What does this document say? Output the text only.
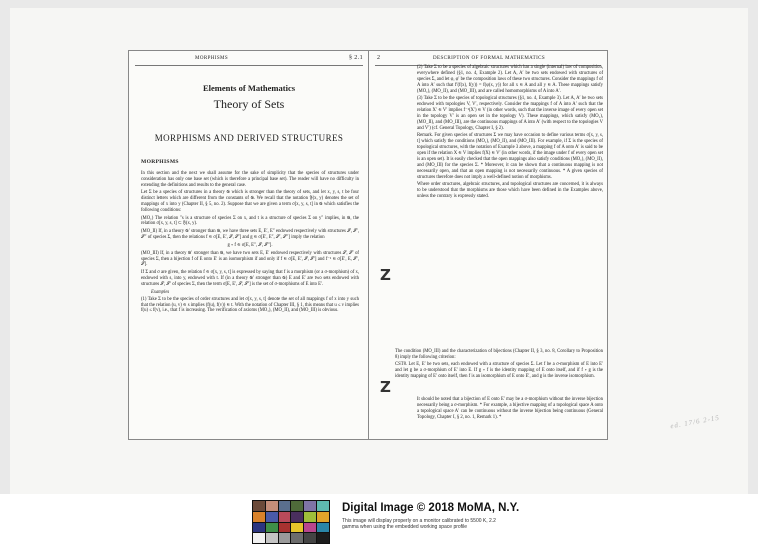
MORPHISMS	§ 2.1
Elements of Mathematics
Theory of Sets
MORPHISMS AND DERIVED STRUCTURES
MORPHISMS

In this section and the next we shall assume for the sake of simplicity that the species of structures under consideration has only one base set (which is therefore a principal base set). The reader will have no difficulty in extending the definitions and results to the general case.

Let Σ be a species of structures in a theory 𝔊 which is stronger than the theory of sets, and let x, y, s, t be four distinct letters which are different from the constants of 𝔊. We recall that the notation 𝔉(x, y) denotes the set of mappings of x into y (Chapter II, § 5, no. 2). Suppose that we are given a term σ[x, y, s, t] in 𝔊 which satisfies the following conditions:

(MO₁) The relation "s is a structure of species Σ on x, and t is a structure of species Σ on y" implies, in 𝔊, the relation σ[x, y, s, t] ⊂ 𝔉(x, y).

(MO_II) If, in a theory 𝔊′ stronger than 𝔊, we have three sets E, E′, E″ endowed respectively with structures 𝒮, 𝒮′, 𝒮″ of species Σ, then the relations f ∈ σ[E, E′, 𝒮, 𝒮′] and g ∈ σ[E′, E″, 𝒮′, 𝒮″] imply the relation

g ∘ f ∈ σ[E, E″, 𝒮, 𝒮″].

(MO_III) If, in a theory 𝔊′ stronger than 𝔊, we have two sets E, E′ endowed respectively with structures 𝒮, 𝒮′ of species Σ, then a bijection f of E onto E′ is an isomorphism if and only if f ∈ σ[E, E′, 𝒮, 𝒮′] and f⁻¹ ∈ σ[E′, E, 𝒮′, 𝒮].

If Σ and σ are given, the relation f ∈ σ[x, y, s, t] is expressed by saying that f is a morphism (or a σ-morphism) of x, endowed with s, into y, endowed with t. If (in a theory 𝔊′ stronger than 𝔊) E and E′ are two sets endowed with structures 𝒮, 𝒮′ of species Σ, then the term σ[E, E′, 𝒮, 𝒮′] is the set of σ-morphisms of E into E′.

Examples

(1) Take Σ to be the species of order structures and let σ[x, y, s, t] denote the set of all mappings f of x into y such that the relation (u, v) ∈ s implies (f(u), f(v)) ∈ t. With the notation of Chapter III, § 1, this means that u ≤ v implies f(u) ≤ f(v), i.e., that f is increasing. The verification of axioms (MO₁), (MO_II), and (MO_III) is obvious.

2	DESCRIPTION OF FORMAL MATHEMATICS

(2) Take Σ to be a species of algebraic structures which has a single (internal) law of composition, everywhere defined (§1, no. 4, Example 2). Let A, A′ be two sets endowed with structures of species Σ, and let φ, φ′ be the composition laws of these two structures. Consider the mappings f of A into A′ such that f′(f(x), f(y)) = f(φ(x, y)) for all x ∈ A and all y ∈ A. These mappings satisfy (MO₁), (MO_II), and (MO_III), and are called homomorphisms of A into A′.

(3) Take Σ to be the species of topological structures (§1, no. 4, Example 3). Let A, A′ be two sets endowed with topologies V, V′, respectively. Consider the mappings f of A into A′ such that the relation X′ ∈ V′ implies f⁻¹(X′) ∈ V (in other words, such that the inverse image of every open set in the topology V′ is an open set in the topology V). These mappings, which satisfy (MO₁), (MO_II), and (MO_III), are the continuous mappings of A into A′ (with respect to the topologies V and V′) (cf. General Topology, Chapter I, § 2).

Remark. For given species of structures Σ we may have occasion to define various terms σ[x, y, s, t] which satisfy the conditions (MO₁), (MO_II), and (MO_III). For example, if Σ is the species of topological structures, with the notation of Example 3 above, a mapping f of A onto A′ is said to be open if the relation X ∈ V implies f(X) ∈ V′ (in other words, if the image under f of every open set is an open set). It is easily checked that the open mappings also satisfy conditions (MO₁), (MO_II), and (MO_III) for the species Σ. * Moreover, it can be shown that a continuous mapping is not necessarily open, and that an open mapping is not necessarily continuous. * A given species of structures therefore does not imply a well-defined notion of morphisms.

Where order structures, algebraic structures, and topological structures are concerned, it is always to be understood that the morphisms are those which have been defined in the Examples above, unless the contrary is expressly stated.

The condition (MO_III) and the characterization of bijections (Chapter II, § 3, no. 8, Corollary to Proposition 8) imply the following criterion:

CST8. Let E, E′ be two sets, each endowed with a structure of species Σ. Let f be a σ-morphism of E into E′ and let g be a σ-morphism of E′ into E. If g ∘ f is the identity mapping of E onto itself, and if f ∘ g is the identity mapping of E′ onto itself, then f is an isomorphism of E onto E′, and g is the inverse isomorphism.

It should be noted that a bijection of E onto E′ may be a σ-morphism without the inverse bijection necessarily being a σ-morphism. * For example, a bijective mapping of a topological space A onto a topological space A′ can be continuous without the inverse bijection being continuous (General Topology, Chapter I, § 2, no. 1, Remark 1). *

Z
Z
ed. 17/6 2-15
Digital Image © 2018 MoMA, N.Y.
This image will display properly on a monitor calibrated to 5500 K, 2.2 gamma when using the embedded working space profile
